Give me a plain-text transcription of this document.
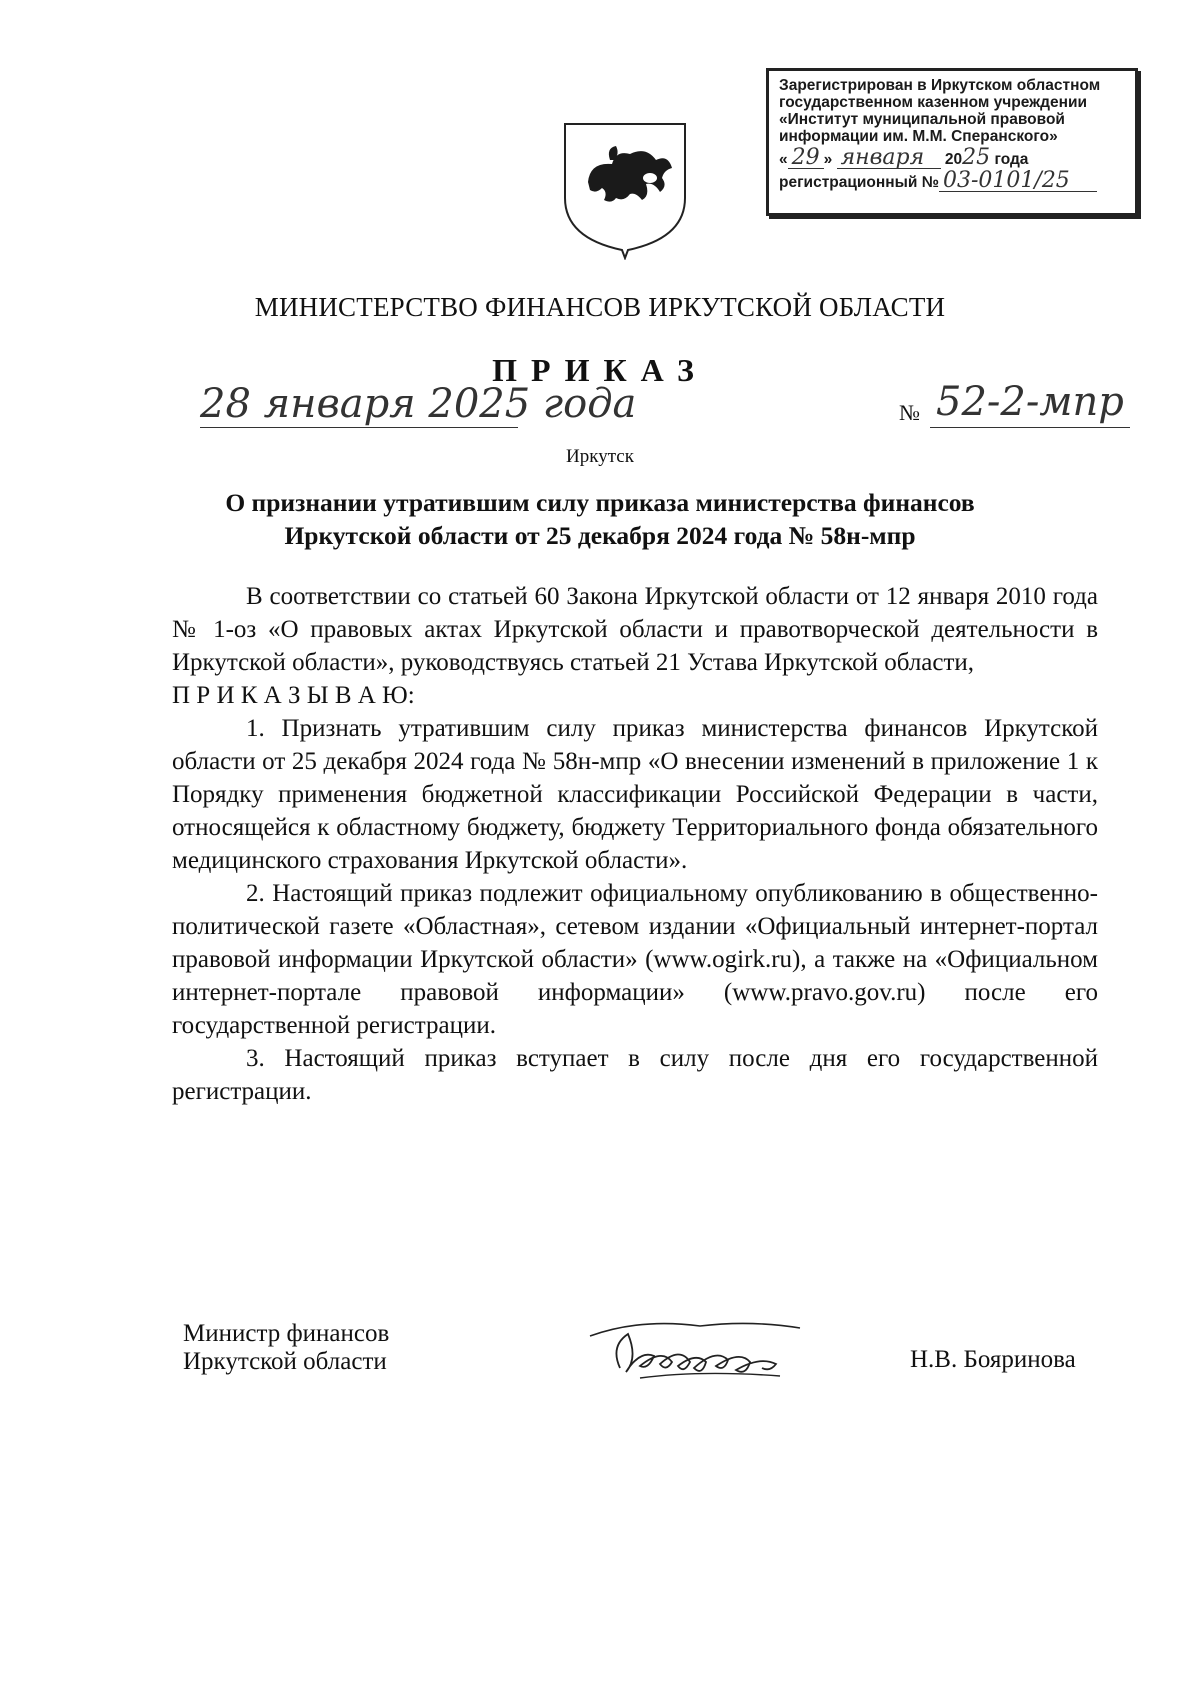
Зарегистрирован в Иркутском областном
государственном казенном учреждении
«Институт муниципальной правовой
информации им. М.М. Сперанского»
« 29 » января 2025 года
регистрационный № 03-0101/25
МИНИСТЕРСТВО ФИНАНСОВ ИРКУТСКОЙ ОБЛАСТИ
ПРИКАЗ
28 января 2025 года	№ 52-2-мпр
Иркутск
О признании утратившим силу приказа министерства финансов
Иркутской области от 25 декабря 2024 года № 58н-мпр

В соответствии со статьей 60 Закона Иркутской области от 12 января 2010 года № 1-оз «О правовых актах Иркутской области и правотворческой деятельности в Иркутской области», руководствуясь статьей 21 Устава Иркутской области,

П Р И К А З Ы В А Ю:

1. Признать утратившим силу приказ министерства финансов Иркутской области от 25 декабря 2024 года № 58н-мпр «О внесении изменений в приложение 1 к Порядку применения бюджетной классификации Российской Федерации в части, относящейся к областному бюджету, бюджету Территориального фонда обязательного медицинского страхования Иркутской области».

2. Настоящий приказ подлежит официальному опубликованию в общественно-политической газете «Областная», сетевом издании «Официальный интернет-портал правовой информации Иркутской области» (www.ogirk.ru), а также на «Официальном интернет-портале правовой информации» (www.pravo.gov.ru) после его государственной регистрации.

3. Настоящий приказ вступает в силу после дня его государственной регистрации.

Министр финансов
Иркутской области	Н.В. Бояринова
